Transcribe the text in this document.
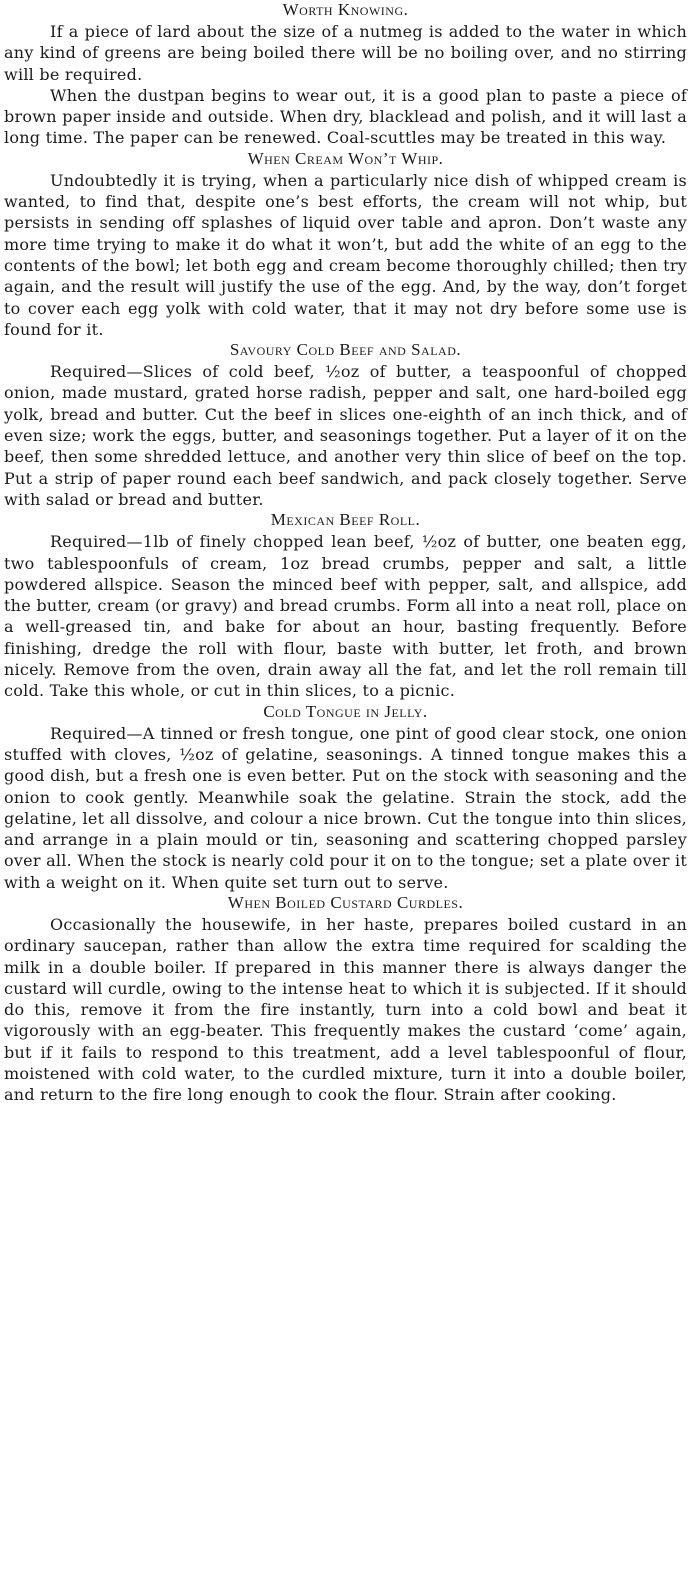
Worth Knowing.

If a piece of lard about the size of a nutmeg is added to the water in which any kind of greens are being boiled there will be no boiling over, and no stirring will be required.

When the dustpan begins to wear out, it is a good plan to paste a piece of brown paper inside and outside. When dry, blacklead and polish, and it will last a long time. The paper can be renewed. Coal-scuttles may be treated in this way.

When Cream Won’t Whip.

Undoubtedly it is trying, when a particularly nice dish of whipped cream is wanted, to find that, despite one’s best efforts, the cream will not whip, but persists in sending off splashes of liquid over table and apron. Don’t waste any more time trying to make it do what it won’t, but add the white of an egg to the contents of the bowl; let both egg and cream become thoroughly chilled; then try again, and the result will justify the use of the egg. And, by the way, don’t forget to cover each egg yolk with cold water, that it may not dry before some use is found for it.

Savoury Cold Beef and Salad.

Required—Slices of cold beef, ½oz of butter, a teaspoonful of chopped onion, made mustard, grated horse radish, pepper and salt, one hard-boiled egg yolk, bread and butter. Cut the beef in slices one-eighth of an inch thick, and of even size; work the eggs, butter, and seasonings together. Put a layer of it on the beef, then some shredded lettuce, and another very thin slice of beef on the top. Put a strip of paper round each beef sandwich, and pack closely together. Serve with salad or bread and butter.

Mexican Beef Roll.

Required—1lb of finely chopped lean beef, ½oz of butter, one beaten egg, two tablespoonfuls of cream, 1oz bread crumbs, pepper and salt, a little powdered allspice. Season the minced beef with pepper, salt, and allspice, add the butter, cream (or gravy) and bread crumbs. Form all into a neat roll, place on a well-greased tin, and bake for about an hour, basting frequently. Before finishing, dredge the roll with flour, baste with butter, let froth, and brown nicely. Remove from the oven, drain away all the fat, and let the roll remain till cold. Take this whole, or cut in thin slices, to a picnic.

Cold Tongue in Jelly.

Required—A tinned or fresh tongue, one pint of good clear stock, one onion stuffed with cloves, ½oz of gelatine, seasonings. A tinned tongue makes this a good dish, but a fresh one is even better. Put on the stock with seasoning and the onion to cook gently. Meanwhile soak the gelatine. Strain the stock, add the gelatine, let all dissolve, and colour a nice brown. Cut the tongue into thin slices, and arrange in a plain mould or tin, seasoning and scattering chopped parsley over all. When the stock is nearly cold pour it on to the tongue; set a plate over it with a weight on it. When quite set turn out to serve.

When Boiled Custard Curdles.

Occasionally the housewife, in her haste, prepares boiled custard in an ordinary saucepan, rather than allow the extra time required for scalding the milk in a double boiler. If prepared in this manner there is always danger the custard will curdle, owing to the intense heat to which it is subjected. If it should do this, remove it from the fire instantly, turn into a cold bowl and beat it vigorously with an egg-beater. This frequently makes the custard ‘come’ again, but if it fails to respond to this treatment, add a level tablespoonful of flour, moistened with cold water, to the curdled mixture, turn it into a double boiler, and return to the fire long enough to cook the flour. Strain after cooking.
